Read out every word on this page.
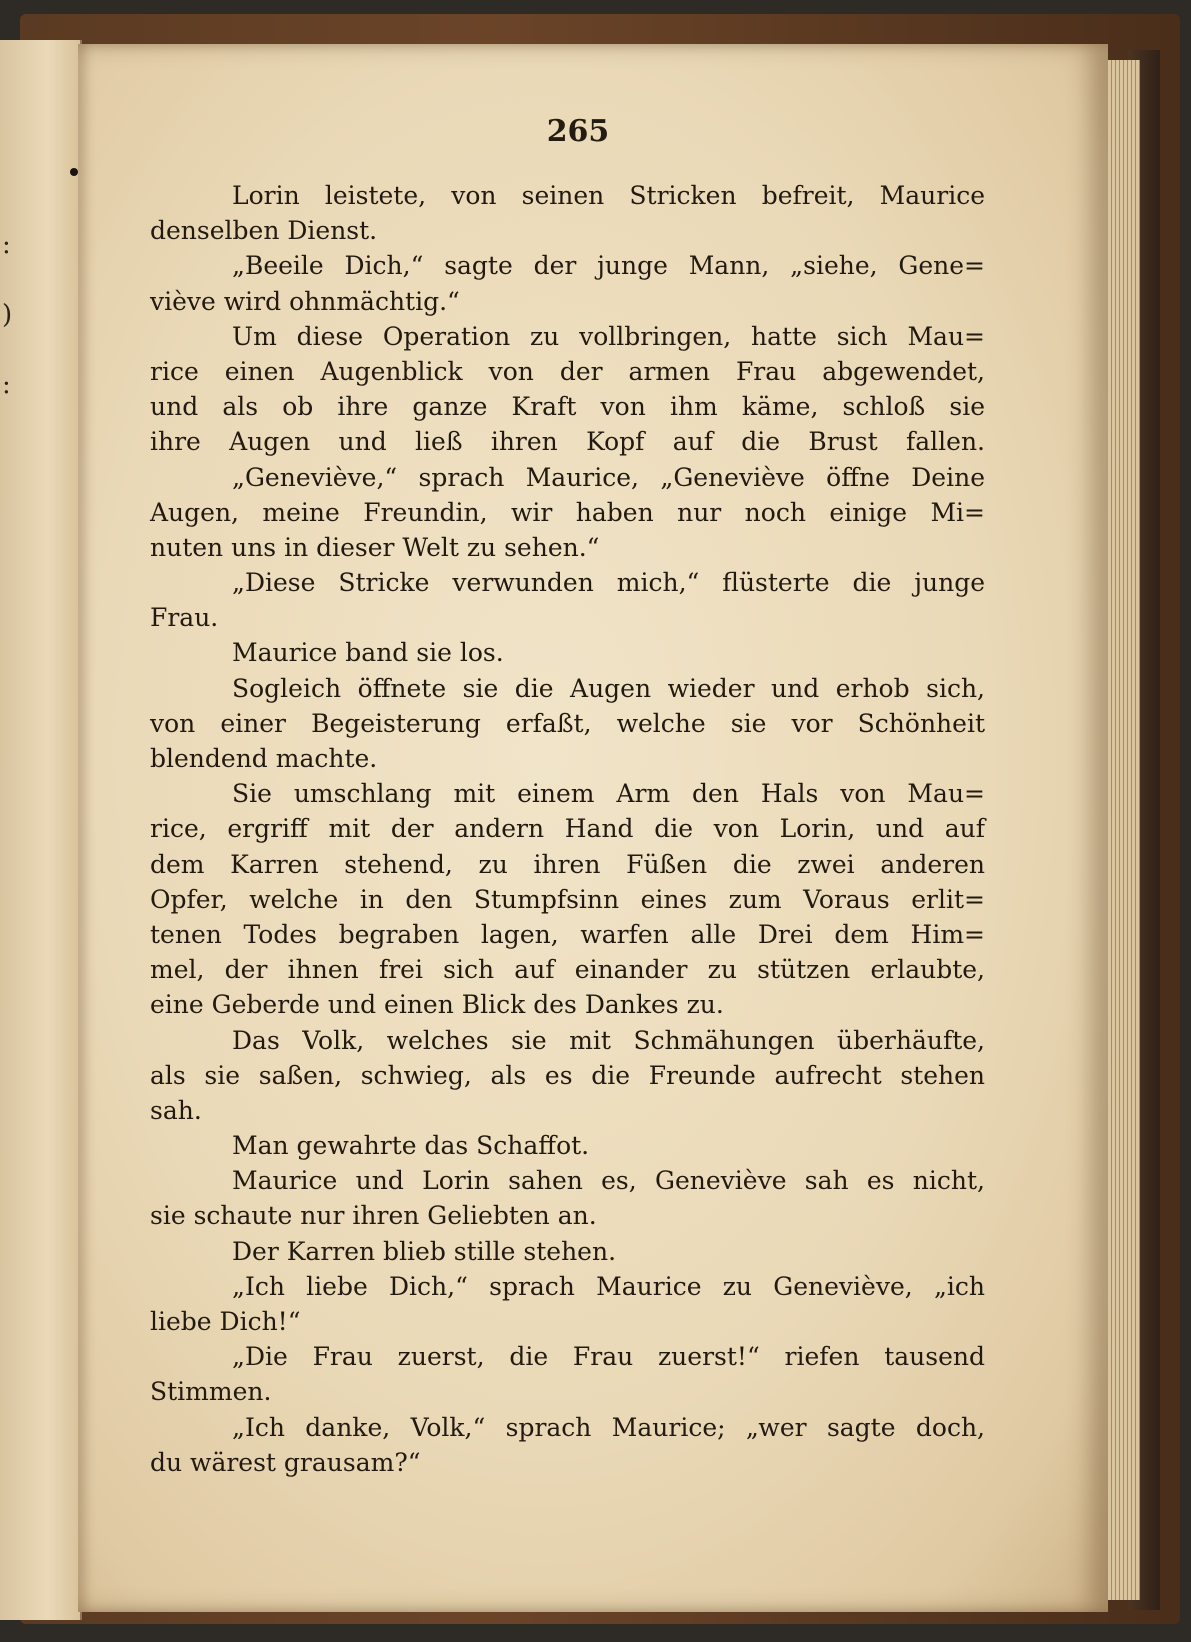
:
)
:
265
Lorin leistete, von seinen Stricken befreit, Maurice
denselben Dienst.
„Beeile Dich,“ sagte der junge Mann, „siehe, Gene=
viève wird ohnmächtig.“
Um diese Operation zu vollbringen, hatte sich Mau=
rice einen Augenblick von der armen Frau abgewendet,
und als ob ihre ganze Kraft von ihm käme, schloß sie
ihre Augen und ließ ihren Kopf auf die Brust fallen.
„Geneviève,“ sprach Maurice, „Geneviève öffne Deine
Augen, meine Freundin, wir haben nur noch einige Mi=
nuten uns in dieser Welt zu sehen.“
„Diese Stricke verwunden mich,“ flüsterte die junge
Frau.
Maurice band sie los.
Sogleich öffnete sie die Augen wieder und erhob sich,
von einer Begeisterung erfaßt, welche sie vor Schönheit
blendend machte.
Sie umschlang mit einem Arm den Hals von Mau=
rice, ergriff mit der andern Hand die von Lorin, und auf
dem Karren stehend, zu ihren Füßen die zwei anderen
Opfer, welche in den Stumpfsinn eines zum Voraus erlit=
tenen Todes begraben lagen, warfen alle Drei dem Him=
mel, der ihnen frei sich auf einander zu stützen erlaubte,
eine Geberde und einen Blick des Dankes zu.
Das Volk, welches sie mit Schmähungen überhäufte,
als sie saßen, schwieg, als es die Freunde aufrecht stehen
sah.
Man gewahrte das Schaffot.
Maurice und Lorin sahen es, Geneviève sah es nicht,
sie schaute nur ihren Geliebten an.
Der Karren blieb stille stehen.
„Ich liebe Dich,“ sprach Maurice zu Geneviève, „ich
liebe Dich!“
„Die Frau zuerst, die Frau zuerst!“ riefen tausend
Stimmen.
„Ich danke, Volk,“ sprach Maurice; „wer sagte doch,
du wärest grausam?“
